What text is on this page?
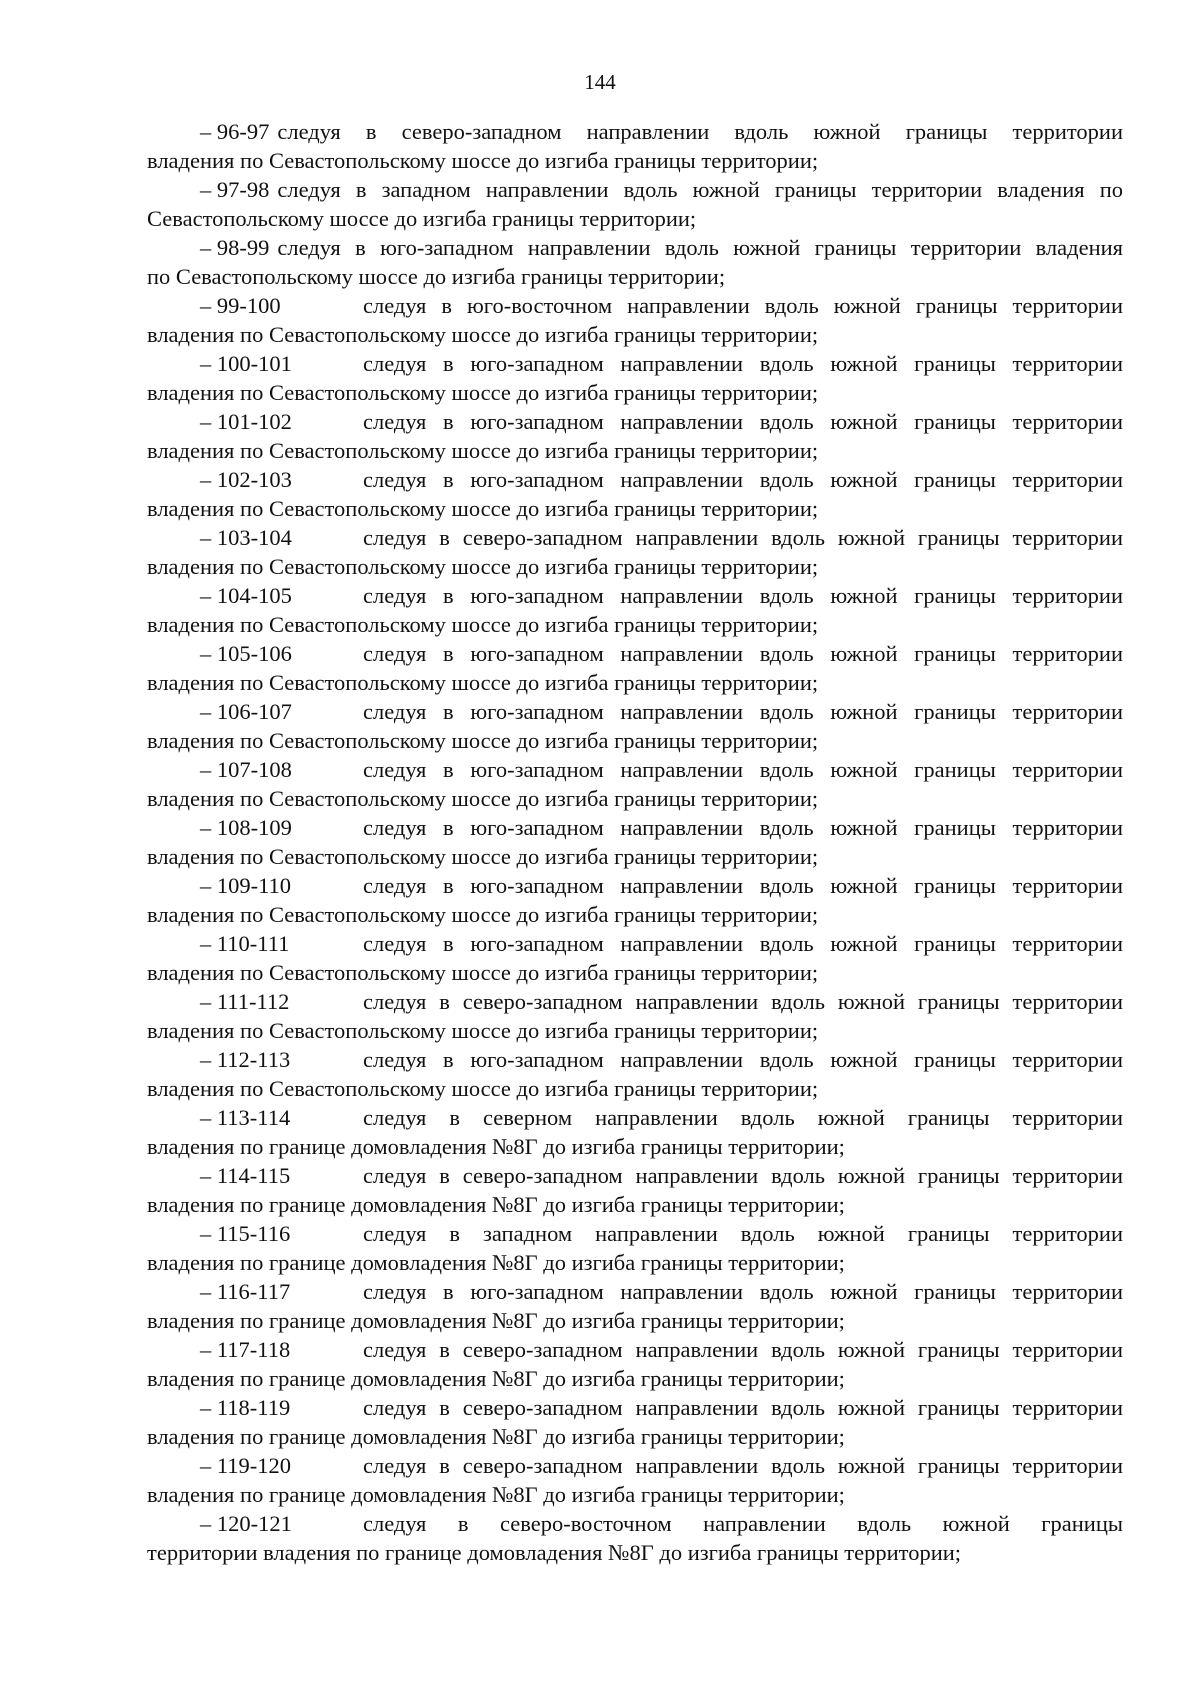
144
– 96-97 следуя в северо-западном направлении вдоль южной границы территории
владения по Севастопольскому шоссе до изгиба границы территории;
– 97-98 следуя в западном направлении вдоль южной границы территории владения по
Севастопольскому шоссе до изгиба границы территории;
– 98-99 следуя в юго-западном направлении вдоль южной границы территории владения
по Севастопольскому шоссе до изгиба границы территории;
– 99-100	следуя в юго-восточном направлении вдоль южной границы территории
владения по Севастопольскому шоссе до изгиба границы территории;
– 100-101	следуя в юго-западном направлении вдоль южной границы территории
владения по Севастопольскому шоссе до изгиба границы территории;
– 101-102	следуя в юго-западном направлении вдоль южной границы территории
владения по Севастопольскому шоссе до изгиба границы территории;
– 102-103	следуя в юго-западном направлении вдоль южной границы территории
владения по Севастопольскому шоссе до изгиба границы территории;
– 103-104	следуя в северо-западном направлении вдоль южной границы территории
владения по Севастопольскому шоссе до изгиба границы территории;
– 104-105	следуя в юго-западном направлении вдоль южной границы территории
владения по Севастопольскому шоссе до изгиба границы территории;
– 105-106	следуя в юго-западном направлении вдоль южной границы территории
владения по Севастопольскому шоссе до изгиба границы территории;
– 106-107	следуя в юго-западном направлении вдоль южной границы территории
владения по Севастопольскому шоссе до изгиба границы территории;
– 107-108	следуя в юго-западном направлении вдоль южной границы территории
владения по Севастопольскому шоссе до изгиба границы территории;
– 108-109	следуя в юго-западном направлении вдоль южной границы территории
владения по Севастопольскому шоссе до изгиба границы территории;
– 109-110	следуя в юго-западном направлении вдоль южной границы территории
владения по Севастопольскому шоссе до изгиба границы территории;
– 110-111	следуя в юго-западном направлении вдоль южной границы территории
владения по Севастопольскому шоссе до изгиба границы территории;
– 111-112	следуя в северо-западном направлении вдоль южной границы территории
владения по Севастопольскому шоссе до изгиба границы территории;
– 112-113	следуя в юго-западном направлении вдоль южной границы территории
владения по Севастопольскому шоссе до изгиба границы территории;
– 113-114	следуя в северном направлении вдоль южной границы территории
владения по границе домовладения №8Г до изгиба границы территории;
– 114-115	следуя в северо-западном направлении вдоль южной границы территории
владения по границе домовладения №8Г до изгиба границы территории;
– 115-116	следуя в западном направлении вдоль южной границы территории
владения по границе домовладения №8Г до изгиба границы территории;
– 116-117	следуя в юго-западном направлении вдоль южной границы территории
владения по границе домовладения №8Г до изгиба границы территории;
– 117-118	следуя в северо-западном направлении вдоль южной границы территории
владения по границе домовладения №8Г до изгиба границы территории;
– 118-119	следуя в северо-западном направлении вдоль южной границы территории
владения по границе домовладения №8Г до изгиба границы территории;
– 119-120	следуя в северо-западном направлении вдоль южной границы территории
владения по границе домовладения №8Г до изгиба границы территории;
– 120-121	следуя в северо-восточном направлении вдоль южной границы
территории владения по границе домовладения №8Г до изгиба границы территории;
